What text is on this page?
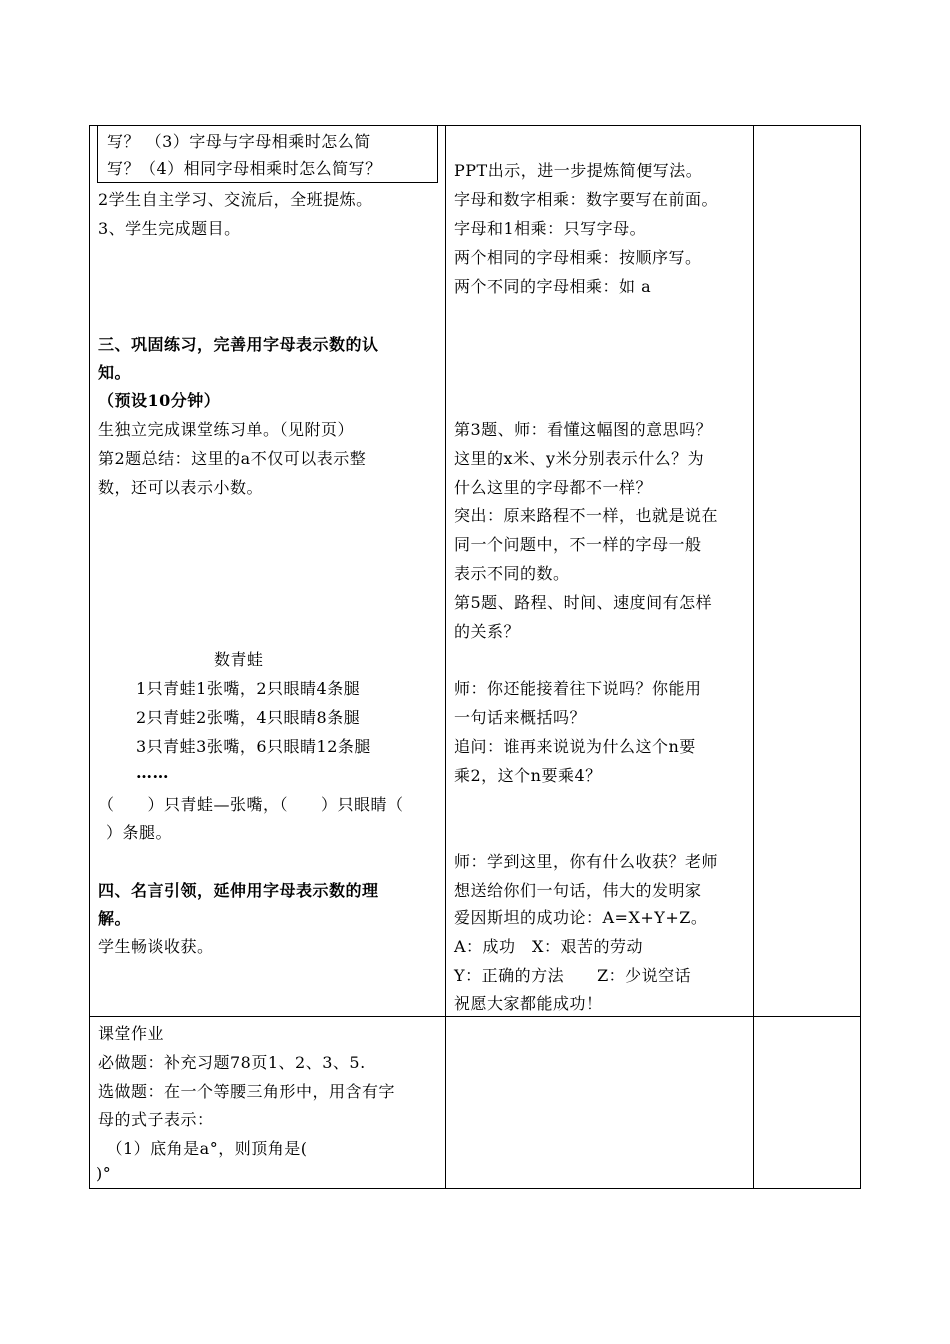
写？ （3）字母与字母相乘时怎么简
写？（4）相同字母相乘时怎么简写？
2学生自主学习、交流后，全班提炼。
3、学生完成题目。
三、巩固练习，完善用字母表示数的认
知。
（预设10分钟）
生独立完成课堂练习单。（见附页）
第2题总结：这里的a不仅可以表示整
数，还可以表示小数。
数青蛙
1只青蛙1张嘴，2只眼睛4条腿
2只青蛙2张嘴，4只眼睛8条腿
3只青蛙3张嘴，6只眼睛12条腿
……
（　　）只青蛙—张嘴，（　　）只眼睛（
）条腿。
四、名言引领，延伸用字母表示数的理
解。
学生畅谈收获。
PPT出示，进一步提炼简便写法。
字母和数字相乘：数字要写在前面。
字母和1相乘：只写字母。
两个相同的字母相乘：按顺序写。
两个不同的字母相乘：如 a
第3题、师：看懂这幅图的意思吗？
这里的x米、y米分别表示什么？为
什么这里的字母都不一样？
突出：原来路程不一样，也就是说在
同一个问题中，不一样的字母一般
表示不同的数。
第5题、路程、时间、速度间有怎样
的关系？
师：你还能接着往下说吗？你能用
一句话来概括吗？
追问：谁再来说说为什么这个n要
乘2，这个n要乘4？
师：学到这里，你有什么收获？老师
想送给你们一句话，伟大的发明家
爱因斯坦的成功论：A=X+Y+Z。
A：成功　X：艰苦的劳动
Y：正确的方法　　Z：少说空话
祝愿大家都能成功！
课堂作业
必做题：补充习题78页1、2、3、5.
选做题：在一个等腰三角形中，用含有字
母的式子表示：
　（1）底角是a°，则顶角是(
)°
